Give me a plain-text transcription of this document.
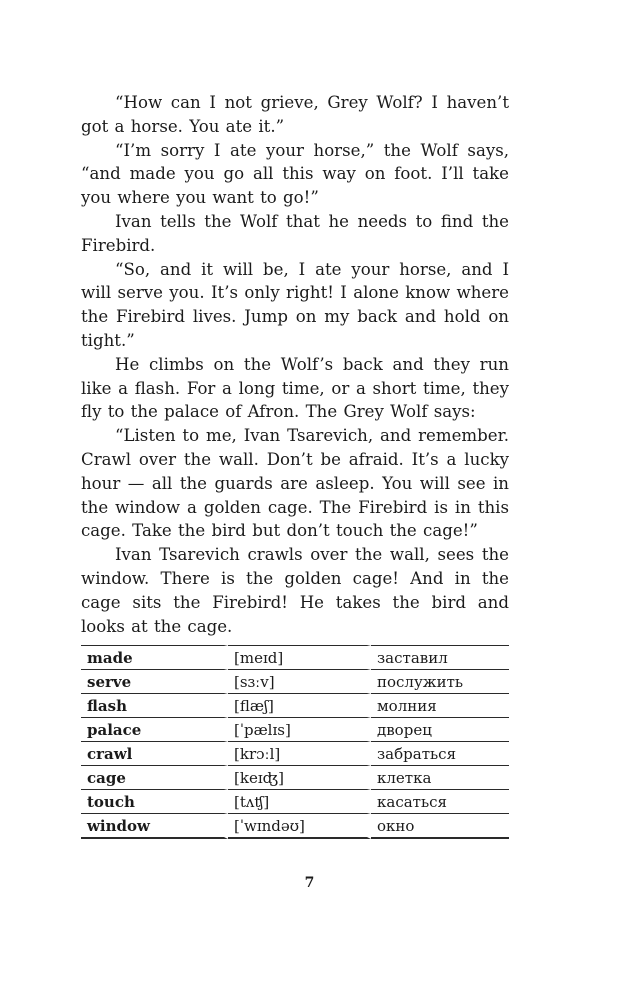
“How can I not grieve, Grey Wolf? I haven’t got a horse. You ate it.”

“I’m sorry I ate your horse,” the Wolf says, “and made you go all this way on foot. I’ll take you where you want to go!”

Ivan tells the Wolf that he needs to find the Firebird.

“So, and it will be, I ate your horse, and I will serve you. It’s only right! I alone know where the Firebird lives. Jump on my back and hold on tight.”

He climbs on the Wolf’s back and they run like a flash. For a long time, or a short time, they fly to the palace of Afron. The Grey Wolf says:

“Listen to me, Ivan Tsarevich, and remember. Crawl over the wall. Don’t be afraid. It’s a lucky hour — all the guards are asleep. You will see in the window a golden cage. The Firebird is in this cage. Take the bird but don’t touch the cage!”

Ivan Tsarevich crawls over the wall, sees the window. There is the golden cage! And in the cage sits the Firebird! He takes the bird and looks at the cage.

made	[meɪd]	заставил
serve	[sɜːv]	послужить
flash	[flæʃ]	молния
palace	[ˈpælɪs]	дворец
crawl	[krɔːl]	забраться
cage	[keɪʤ]	клетка
touch	[tʌʧ]	касаться
window	[ˈwɪndəʊ]	окно
7
